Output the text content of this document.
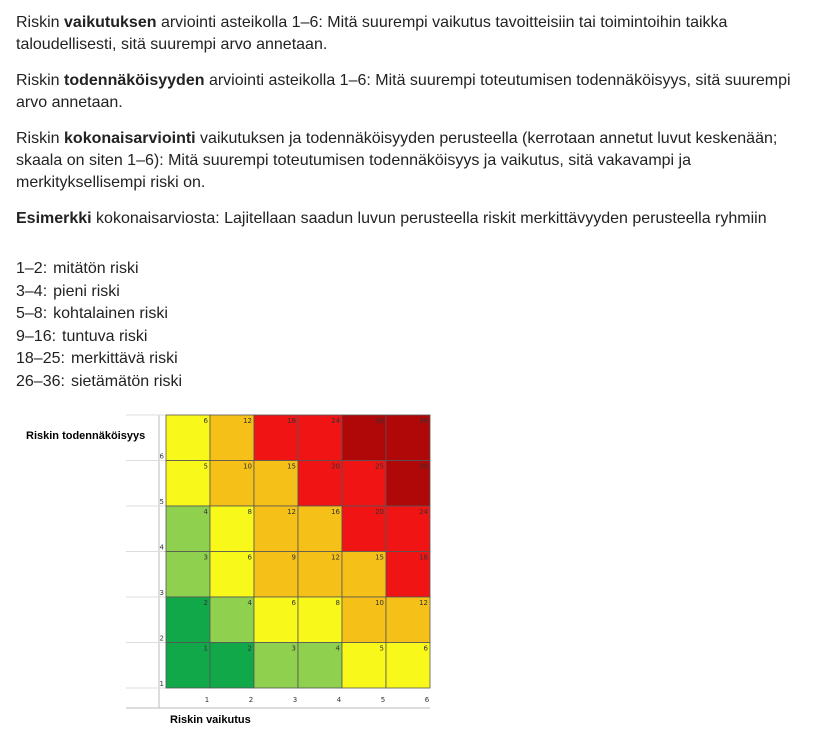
Riskin vaikutuksen arviointi asteikolla 1–6: Mitä suurempi vaikutus tavoitteisiin tai toimintoihin taikka taloudellisesti, sitä suurempi arvo annetaan.

Riskin todennäköisyyden arviointi asteikolla 1–6: Mitä suurempi toteutumisen todennäköisyys, sitä suurempi arvo annetaan.

Riskin kokonaisarviointi vaikutuksen ja todennäköisyyden perusteella (kerrotaan annetut luvut keskenään; skaala on siten 1–6): Mitä suurempi toteutumisen todennäköisyys ja vaikutus, sitä vakavampi ja merkityksellisempi riski on.

Esimerkki kokonaisarviosta: Lajitellaan saadun luvun perusteella riskit merkittävyyden perusteella ryhmiin

1–2: mitätön riski
3–4: pieni riski
5–8: kohtalainen riski
9–16: tuntuva riski
18–25: merkittävä riski
26–36: sietämätön riski
6	12	18	24	30	36
5	10	15	20	25	30
4	8	12	16	20	24
3	6	9	12	15	18
2	4	6	8	10	12
1	2	3	4	5	6
1
2
3
4
5
6
1	2	3	4	5	6
Riskin todennäköisyys
Riskin vaikutus
